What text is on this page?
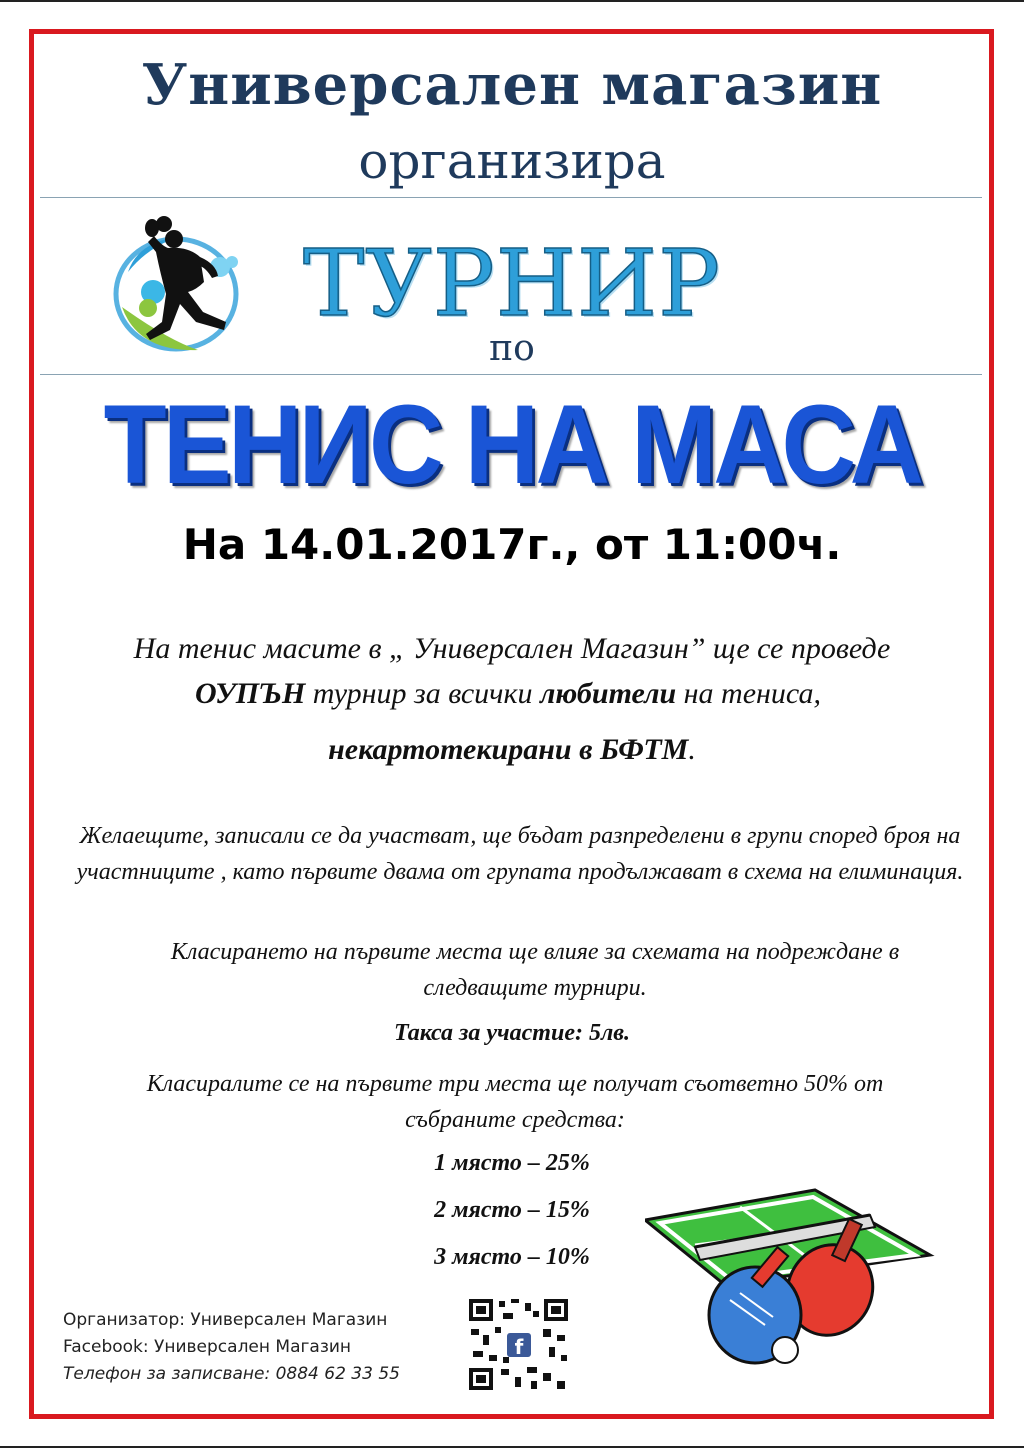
Универсален магазин
организира
ТУРНИР
по
ТЕНИС НА МАСА
На 14.01.2017г., от 11:00ч.
На тенис масите в „ Универсален Магазин” ще се проведе
ОУПЪН турнир за всички любители на тениса,
некартотекирани в БФТМ.
Желаещите, записали се да участват, ще бъдат разпределени в групи според броя на участниците , като първите двама от групата продължават в схема на елиминация.
Класирането на първите места ще влияе за схемата на подреждане в следващите турнири.
Такса за участие: 5лв.
Класиралите се на първите три места ще получат съответно 50% от събраните средства:
1 място – 25%
2 място – 15%
3 място – 10%
Организатор: Универсален Магазин
Facebook: Универсален Магазин
Телефон за записване: 0884 62 33 55
f
